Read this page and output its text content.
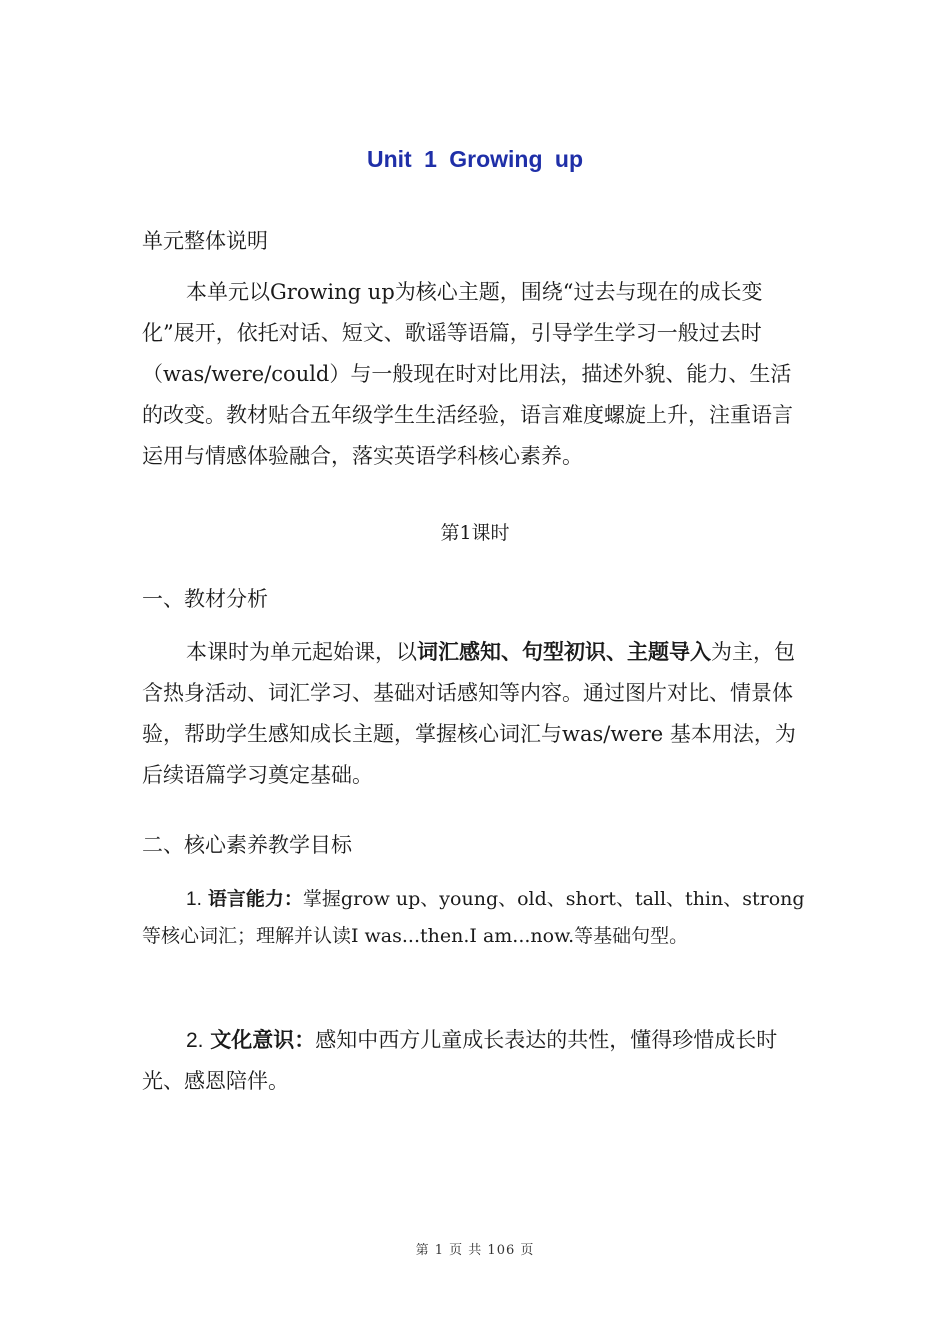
Unit 1 Growing up
单元整体说明
本单元以Growing up为核心主题，围绕“过去与现在的成长变化”展开，依托对话、短文、歌谣等语篇，引导学生学习一般过去时（was/were/could）与一般现在时对比用法，描述外貌、能力、生活的改变。教材贴合五年级学生生活经验，语言难度螺旋上升，注重语言运用与情感体验融合，落实英语学科核心素养。
第1课时
一、教材分析
本课时为单元起始课，以词汇感知、句型初识、主题导入为主，包含热身活动、词汇学习、基础对话感知等内容。通过图片对比、情景体验，帮助学生感知成长主题，掌握核心词汇与was/were 基本用法，为后续语篇学习奠定基础。
二、核心素养教学目标
1. 语言能力：掌握grow up、young、old、short、tall、thin、strong等核心词汇；理解并认读I was...then.I am...now.等基础句型。
2. 文化意识：感知中西方儿童成长表达的共性，懂得珍惜成长时光、感恩陪伴。
第 1 页 共 106 页
